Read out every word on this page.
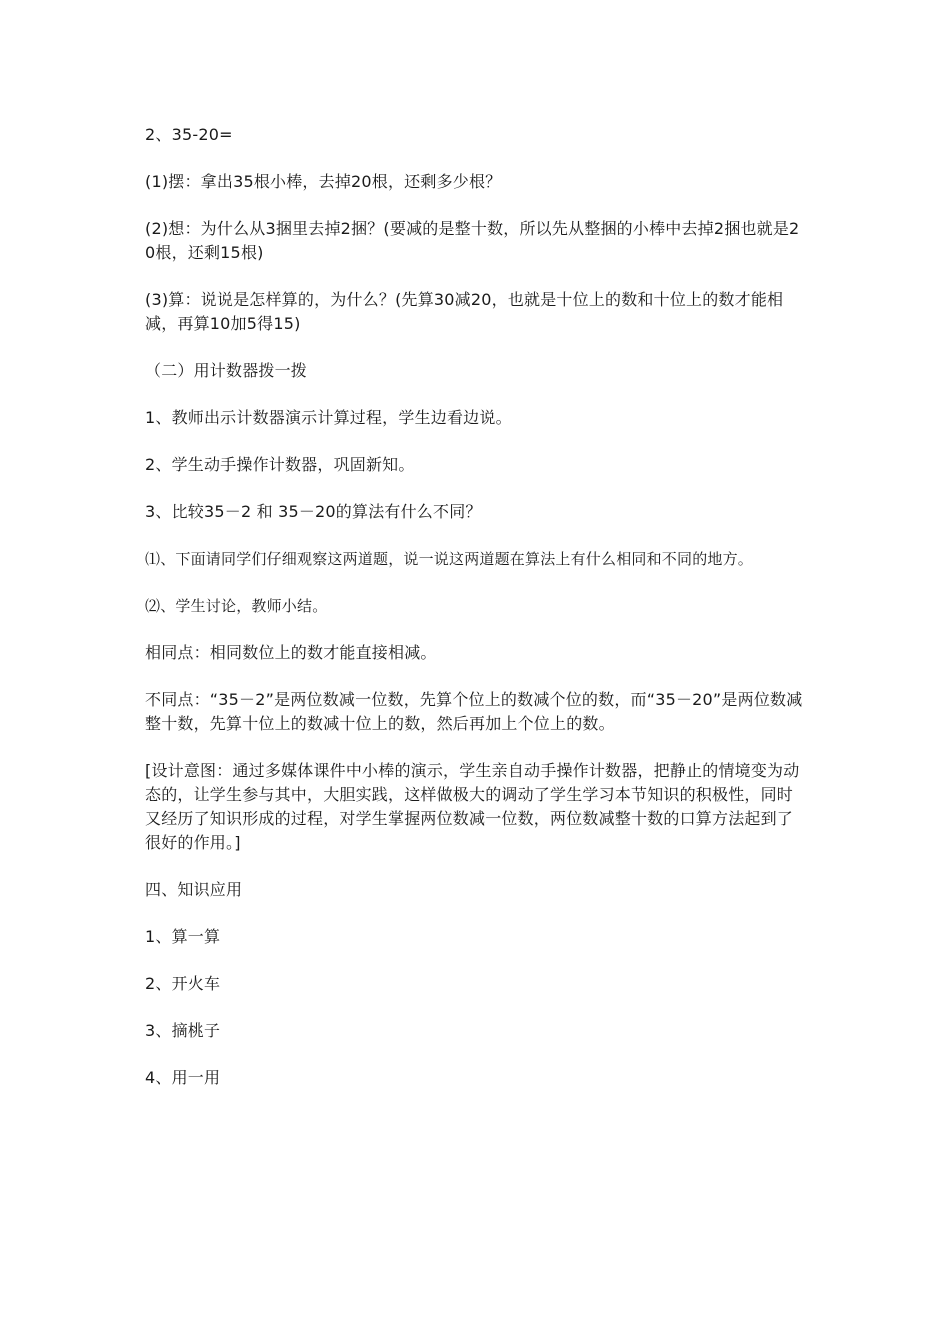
2、35-20=

(1)摆：拿出35根小棒，去掉20根，还剩多少根？

(2)想：为什么从3捆里去掉2捆？(要减的是整十数，所以先从整捆的小棒中去掉2捆也就是20根，还剩15根)

(3)算：说说是怎样算的，为什么？(先算30减20，也就是十位上的数和十位上的数才能相减，再算10加5得15)

（二）用计数器拨一拨

1、教师出示计数器演示计算过程，学生边看边说。

2、学生动手操作计数器，巩固新知。

3、比较35－2 和 35－20的算法有什么不同？

⑴、下面请同学们仔细观察这两道题，说一说这两道题在算法上有什么相同和不同的地方。

⑵、学生讨论，教师小结。

相同点：相同数位上的数才能直接相减。

不同点：“35－2”是两位数减一位数，先算个位上的数减个位的数，而“35－20”是两位数减整十数，先算十位上的数减十位上的数，然后再加上个位上的数。

[设计意图：通过多媒体课件中小棒的演示，学生亲自动手操作计数器，把静止的情境变为动态的，让学生参与其中，大胆实践，这样做极大的调动了学生学习本节知识的积极性，同时又经历了知识形成的过程，对学生掌握两位数减一位数，两位数减整十数的口算方法起到了很好的作用。]

四、知识应用

1、算一算

2、开火车

3、摘桃子

4、用一用
